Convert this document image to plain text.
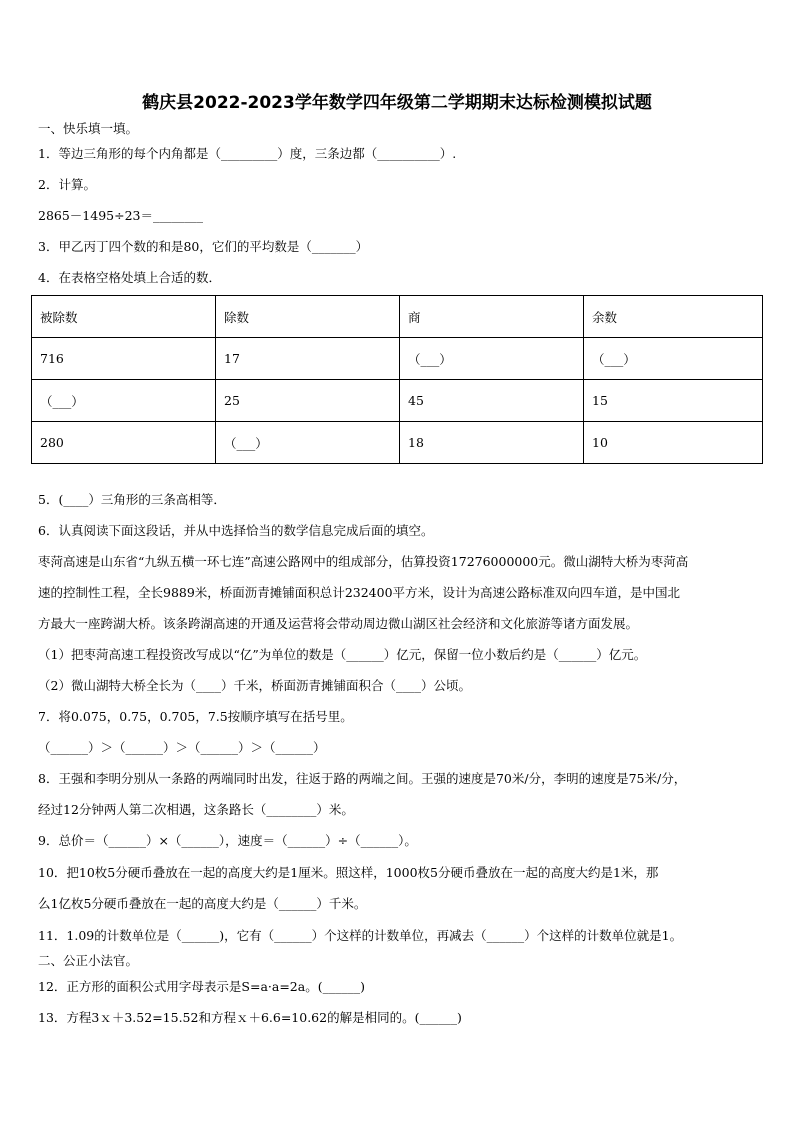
鹤庆县2022-2023学年数学四年级第二学期期末达标检测模拟试题
一、快乐填一填。
1．等边三角形的每个内角都是（_________）度，三条边都（__________）.
2．计算。
2865－1495÷23＝________
3．甲乙丙丁四个数的和是80，它们的平均数是（_______）
4．在表格空格处填上合适的数．
被除数	除数	商	余数
716	17	（___）	（___）
（___）	25	45	15
280	（___）	18	10
5．(____）三角形的三条高相等．
6．认真阅读下面这段话，并从中选择恰当的数学信息完成后面的填空。
枣菏高速是山东省“九纵五横一环七连”高速公路网中的组成部分，估算投资17276000000元。微山湖特大桥为枣菏高
速的控制性工程，全长9889米，桥面沥青摊铺面积总计232400平方米，设计为高速公路标准双向四车道，是中国北
方最大一座跨湖大桥。该条跨湖高速的开通及运营将会带动周边微山湖区社会经济和文化旅游等诸方面发展。
（1）把枣菏高速工程投资改写成以“亿”为单位的数是（______）亿元，保留一位小数后约是（______）亿元。
（2）微山湖特大桥全长为（____）千米，桥面沥青摊铺面积合（____）公顷。
7．将0.075，0.75，0.705，7.5按顺序填写在括号里。
（______）＞（______）＞（______）＞（______）
8．王强和李明分别从一条路的两端同时出发，往返于路的两端之间。王强的速度是70米/分，李明的速度是75米/分，
经过12分钟两人第二次相遇，这条路长（________）米。
9．总价＝（______）×（______），速度＝（______）÷（______）。
10．把10枚5分硬币叠放在一起的高度大约是1厘米。照这样，1000枚5分硬币叠放在一起的高度大约是1米，那
么1亿枚5分硬币叠放在一起的高度大约是（______）千米。
11．1.09的计数单位是（______)，它有（______）个这样的计数单位，再减去（______）个这样的计数单位就是1。
二、公正小法官。
12．正方形的面积公式用字母表示是S=a·a=2a。(______)
13．方程3ｘ＋3.52=15.52和方程ｘ＋6.6=10.62的解是相同的。(______)
